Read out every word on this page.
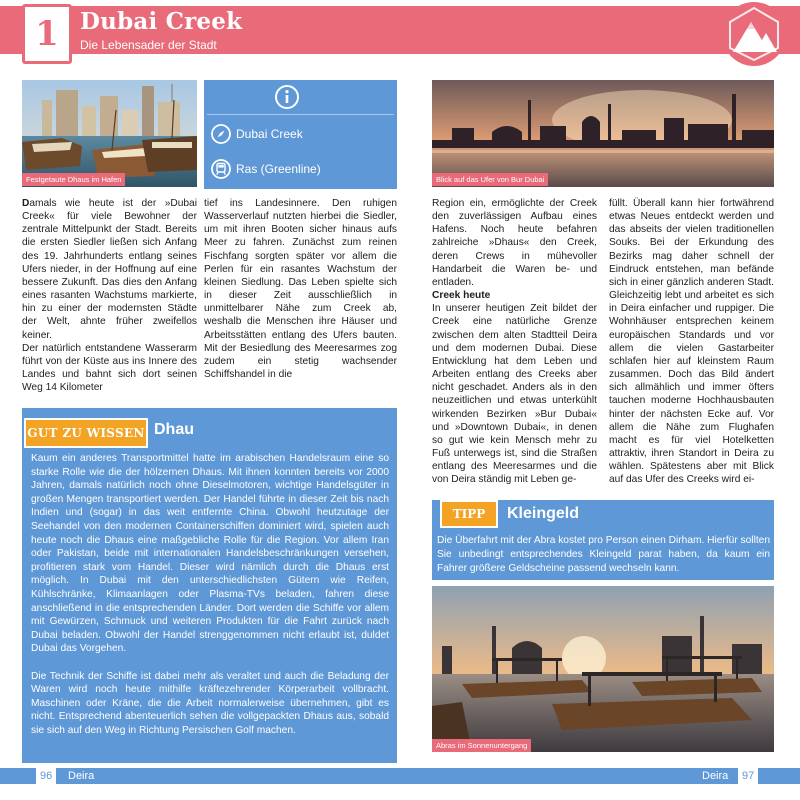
1 Dubai Creek
Die Lebensader der Stadt
Festgetaute Dhaus im Hafen
Dubai Creek
Ras (Greenline)

Damals wie heute ist der »Dubai Creek« für viele Bewohner der zentrale Mittelpunkt der Stadt. Bereits die ersten Siedler ließen sich Anfang des 19. Jahrhunderts entlang seines Ufers nieder, in der Hoffnung auf eine bessere Zukunft. Das dies den Anfang eines rasanten Wachstums markierte, hin zu einer der modernsten Städte der Welt, ahnte früher zweifellos keiner.

Der natürlich entstandene Wasserarm führt von der Küste aus ins Innere des Landes und bahnt sich dort seinen Weg 14 Kilometer

tief ins Landesinnere. Den ruhigen Wasserverlauf nutzten hierbei die Siedler, um mit ihren Booten sicher hinaus aufs Meer zu fahren. Zunächst zum reinen Fischfang sorgten später vor allem die Perlen für ein rasantes Wachstum der kleinen Siedlung. Das Leben spielte sich in dieser Zeit ausschließlich in unmittelbarer Nähe zum Creek ab, weshalb die Menschen ihre Häuser und Arbeitsstätten entlang des Ufers bauten. Mit der Besiedlung des Meeresarmes zog zudem ein stetig wachsender Schiffshandel in die

GUT ZU WISSEN Dhau

Kaum ein anderes Transportmittel hatte im arabischen Handelsraum eine so starke Rolle wie die der hölzernen Dhaus. Mit ihnen konnten bereits vor 2000 Jahren, damals natürlich noch ohne Dieselmotoren, wichtige Handelsgüter in großen Mengen transportiert werden. Der Handel führte in dieser Zeit bis nach Indien und (sogar) in das weit entfernte China. Obwohl heutzutage der Seehandel von den modernen Containerschiffen dominiert wird, spielen auch heute noch die Dhaus eine maßgebliche Rolle für die Region. Vor allem Iran oder Pakistan, beide mit internationalen Handelsbeschränkungen versehen, profitieren stark vom Handel. Dieser wird nämlich durch die Dhaus erst möglich. In Dubai mit den unterschiedlichsten Gütern wie Reifen, Kühlschränke, Klimaanlagen oder Plasma-TVs beladen, fahren diese anschließend in die entsprechenden Länder. Dort werden die Schiffe vor allem mit Gewürzen, Schmuck und weiteren Produkten für die Fahrt zurück nach Dubai beladen. Obwohl der Handel strenggenommen nicht erlaubt ist, duldet Dubai das Vorgehen.

Die Technik der Schiffe ist dabei mehr als veraltet und auch die Beladung der Waren wird noch heute mithilfe kräftezehrender Körperarbeit vollbracht. Maschinen oder Kräne, die die Arbeit normalerweise übernehmen, gibt es nicht. Entsprechend abenteuerlich sehen die vollgepackten Dhaus aus, sobald sie sich auf den Weg in Richtung Persischen Golf machen.

Blick auf das Ufer von Bur Dubai

Region ein, ermöglichte der Creek den zuverlässigen Aufbau eines Hafens. Noch heute befahren zahlreiche »Dhaus« den Creek, deren Crews in mühevoller Handarbeit die Waren be- und entladen.

Creek heute

In unserer heutigen Zeit bildet der Creek eine natürliche Grenze zwischen dem alten Stadtteil Deira und dem modernen Dubai. Diese Entwicklung hat dem Leben und Arbeiten entlang des Creeks aber nicht geschadet. Anders als in den neuzeitlichen und etwas unterkühlt wirkenden Bezirken »Bur Dubai« und »Downtown Dubai«, in denen so gut wie kein Mensch mehr zu Fuß unterwegs ist, sind die Straßen entlang des Meeresarmes und die von Deira ständig mit Leben ge-

füllt. Überall kann hier fortwährend etwas Neues entdeckt werden und das abseits der vielen traditionellen Souks. Bei der Erkundung des Bezirks mag daher schnell der Eindruck entstehen, man befände sich in einer gänzlich anderen Stadt. Gleichzeitig lebt und arbeitet es sich in Deira einfacher und ruppiger. Die Wohnhäuser entsprechen keinem europäischen Standards und vor allem die vielen Gastarbeiter schlafen hier auf kleinstem Raum zusammen. Doch das Bild ändert sich allmählich und immer öfters tauchen moderne Hochhausbauten hinter der nächsten Ecke auf. Vor allem die Nähe zum Flughafen macht es für viel Hotelketten attraktiv, ihren Standort in Deira zu wählen. Spätestens aber mit Blick auf das Ufer des Creeks wird ei-

TIPP	Kleingeld
Die Überfahrt mit der Abra kostet pro Person einen Dirham. Hierfür sollten Sie unbedingt entsprechendes Kleingeld parat haben, da kaum ein Fahrer größere Geldscheine passend wechseln kann.
Abras im Sonnenuntergang
96	Deira	Deira	97
